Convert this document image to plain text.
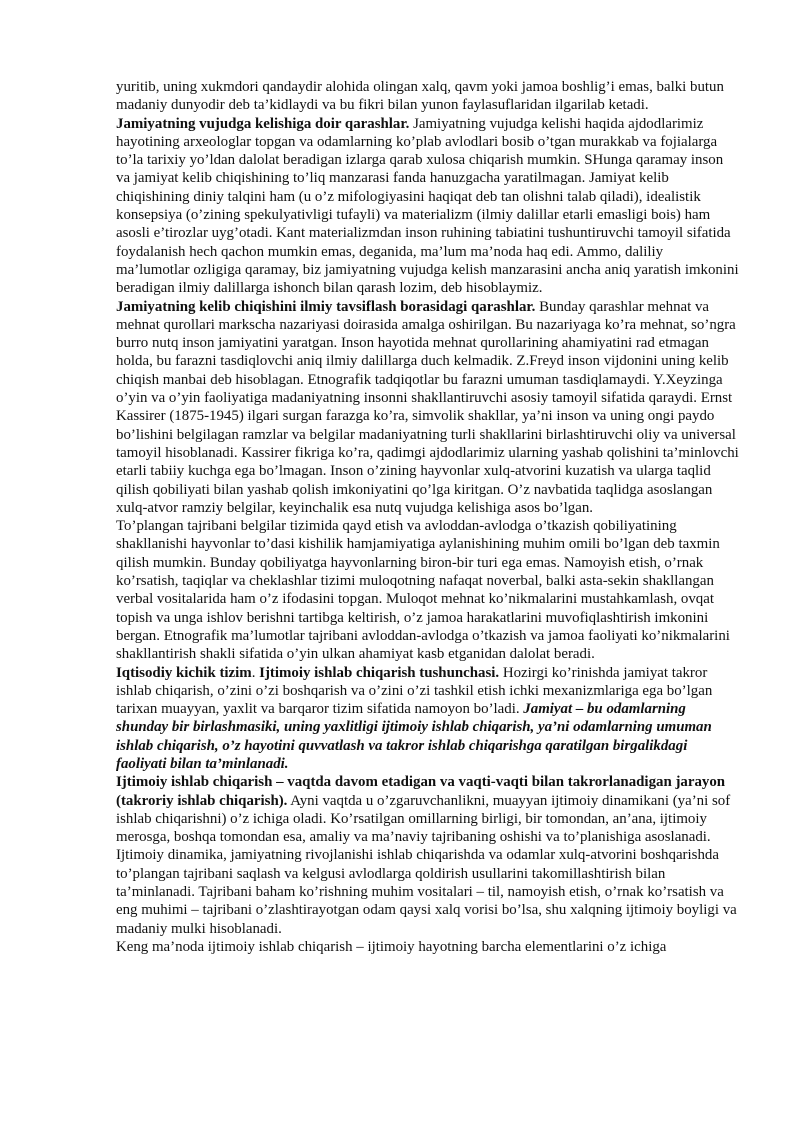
yuritib, uning xukmdori qandaydir alohida olingan xalq, qavm yoki jamoa boshlig’i emas, balki butun madaniy dunyodir deb ta’kidlaydi va bu fikri bilan yunon faylasuflaridan ilgarilab ketadi.

Jamiyatning vujudga kelishiga doir qarashlar. Jamiyatning vujudga kelishi haqida ajdodlarimiz hayotining arxeologlar topgan va odamlarning ko’plab avlodlari bosib o’tgan murakkab va fojialarga to’la tarixiy yo’ldan dalolat beradigan izlarga qarab xulosa chiqarish mumkin. SHunga qaramay inson va jamiyat kelib chiqishining to’liq manzarasi fanda hanuzgacha yaratilmagan. Jamiyat kelib chiqishining diniy talqini ham (u o’z mifologiyasini haqiqat deb tan olishni talab qiladi), idealistik konsepsiya (o’zining spekulyativligi tufayli) va materializm (ilmiy dalillar etarli emasligi bois) ham asosli e’tirozlar uyg’otadi. Kant materializmdan inson ruhining tabiatini tushuntiruvchi tamoyil sifatida foydalanish hech qachon mumkin emas, deganida, ma’lum ma’noda haq edi. Ammo, daliliy ma’lumotlar ozligiga qaramay, biz jamiyatning vujudga kelish manzarasini ancha aniq yaratish imkonini beradigan ilmiy dalillarga ishonch bilan qarash lozim, deb hisoblaymiz.

Jamiyatning kelib chiqishini ilmiy tavsiflash borasidagi qarashlar. Bunday qarashlar mehnat va mehnat qurollari markscha nazariyasi doirasida amalga oshirilgan. Bu nazariyaga ko’ra mehnat, so’ngra burro nutq inson jamiyatini yaratgan. Inson hayotida mehnat qurollarining ahamiyatini rad etmagan holda, bu farazni tasdiqlovchi aniq ilmiy dalillarga duch kelmadik. Z.Freyd inson vijdonini uning kelib chiqish manbai deb hisoblagan. Etnografik tadqiqotlar bu farazni umuman tasdiqlamaydi. Y.Xeyzinga o’yin va o’yin faoliyatiga madaniyatning insonni shakllantiruvchi asosiy tamoyil sifatida qaraydi. Ernst Kassirer (1875-1945) ilgari surgan farazga ko’ra, simvolik shakllar, ya’ni inson va uning ongi paydo bo’lishini belgilagan ramzlar va belgilar madaniyatning turli shakllarini birlashtiruvchi oliy va universal tamoyil hisoblanadi. Kassirer fikriga ko’ra, qadimgi ajdodlarimiz ularning yashab qolishini ta’minlovchi etarli tabiiy kuchga ega bo’lmagan. Inson o’zining hayvonlar xulq-atvorini kuzatish va ularga taqlid qilish qobiliyati bilan yashab qolish imkoniyatini qo’lga kiritgan. O’z navbatida taqlidga asoslangan xulq-atvor ramziy belgilar, keyinchalik esa nutq vujudga kelishiga asos bo’lgan.

To’plangan tajribani belgilar tizimida qayd etish va avloddan-avlodga o’tkazish qobiliyatining shakllanishi hayvonlar to’dasi kishilik hamjamiyatiga aylanishining muhim omili bo’lgan deb taxmin qilish mumkin. Bunday qobiliyatga hayvonlarning biron-bir turi ega emas. Namoyish etish, o’rnak ko’rsatish, taqiqlar va cheklashlar tizimi muloqotning nafaqat noverbal, balki asta-sekin shakllangan verbal vositalarida ham o’z ifodasini topgan. Muloqot mehnat ko’nikmalarini mustahkamlash, ovqat topish va unga ishlov berishni tartibga keltirish, o’z jamoa harakatlarini muvofiqlashtirish imkonini bergan. Etnografik ma’lumotlar tajribani avloddan-avlodga o’tkazish va jamoa faoliyati ko’nikmalarini shakllantirish shakli sifatida o’yin ulkan ahamiyat kasb etganidan dalolat beradi.

Iqtisodiy kichik tizim. Ijtimoiy ishlab chiqarish tushunchasi. Hozirgi ko’rinishda jamiyat takror ishlab chiqarish, o’zini o’zi boshqarish va o’zini o’zi tashkil etish ichki mexanizmlariga ega bo’lgan tarixan muayyan, yaxlit va barqaror tizim sifatida namoyon bo’ladi. Jamiyat – bu odamlarning shunday bir birlashmasiki, uning yaxlitligi ijtimoiy ishlab chiqarish, ya’ni odamlarning umuman ishlab chiqarish, o’z hayotini quvvatlash va takror ishlab chiqarishga qaratilgan birgalikdagi faoliyati bilan ta’minlanadi.

Ijtimoiy ishlab chiqarish – vaqtda davom etadigan va vaqti-vaqti bilan takrorlanadigan jarayon (takroriy ishlab chiqarish). Ayni vaqtda u o’zgaruvchanlikni, muayyan ijtimoiy dinamikani (ya’ni sof ishlab chiqarishni) o’z ichiga oladi. Ko’rsatilgan omillarning birligi, bir tomondan, an’ana, ijtimoiy merosga, boshqa tomondan esa, amaliy va ma’naviy tajribaning oshishi va to’planishiga asoslanadi. Ijtimoiy dinamika, jamiyatning rivojlanishi ishlab chiqarishda va odamlar xulq-atvorini boshqarishda to’plangan tajribani saqlash va kelgusi avlodlarga qoldirish usullarini takomillashtirish bilan ta’minlanadi. Tajribani baham ko’rishning muhim vositalari – til, namoyish etish, o’rnak ko’rsatish va eng muhimi – tajribani o’zlashtirayotgan odam qaysi xalq vorisi bo’lsa, shu xalqning ijtimoiy boyligi va madaniy mulki hisoblanadi.

Keng ma’noda ijtimoiy ishlab chiqarish – ijtimoiy hayotning barcha elementlarini o’z ichiga
